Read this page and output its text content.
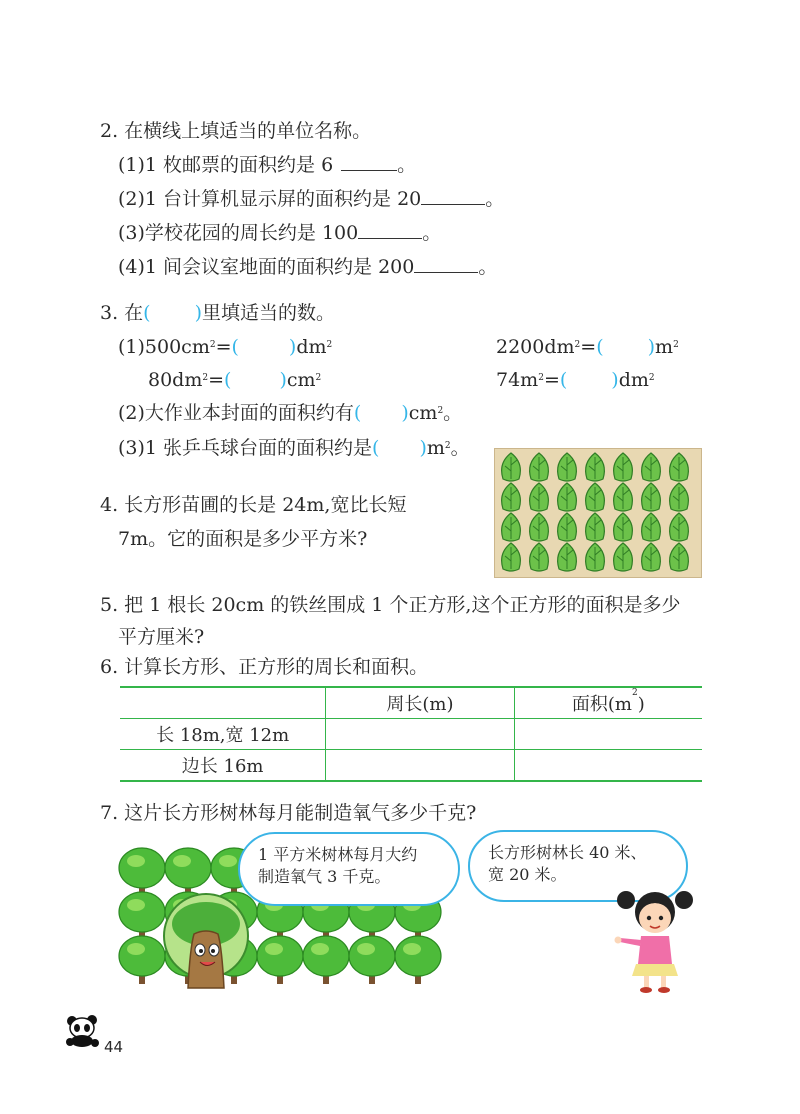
2. 在横线上填适当的单位名称。
(1)1 枚邮票的面积约是 6	。
(2)1 台计算机显示屏的面积约是 20	。
(3)学校花园的周长约是 100	。
(4)1 间会议室地面的面积约是 200	。
3. 在( )里填适当的数。
$(1)500cm^2=$(	)$dm^2$	$2200dm^2=$( )$m^2$
$80dm^2=$(	)$cm^2$	$74m^2=$( )$dm^2$
(2)大作业本封面的面积约有( )$cm^2$。
(3)1 张乒乓球台面的面积约是( )$m^2$。
4. 长方形苗圃的长是 24m,宽比长短
7m。它的面积是多少平方米?
5. 把 1 根长 20cm 的铁丝围成 1 个正方形,这个正方形的面积是多少
平方厘米?
6. 计算长方形、正方形的周长和面积。
	周长(m)	面积$(m^2)$
长 18m,宽 12m		
边长 16m		
7. 这片长方形树林每月能制造氧气多少千克?
1 平方米树林每月大约
制造氧气 3 千克。
长方形树林长 40 米、
宽 20 米。
44
